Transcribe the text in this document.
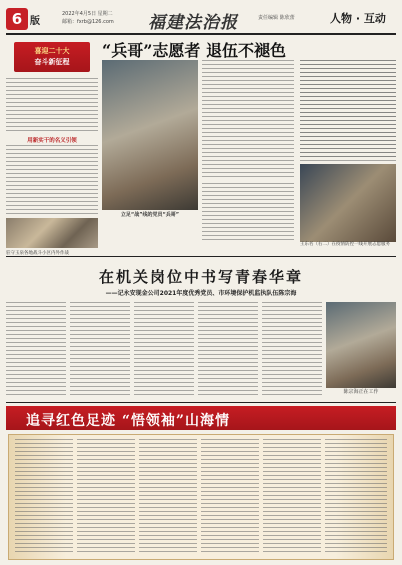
6 版
2022年4月5日 星期二
邮箱：fxrb@126.com 福建法治报	责任编辑 陈欣蕾	人物 · 互动
喜迎二十大
奋斗新征程
用新实干的名义引领
驻守玉泉各地战斗小区内外作战
“兵哥”志愿者 退伍不褪色
立足“战”线的党员“兵哥”
王东名（右二）在疫情防控一线开展志愿服务
在机关岗位中书写青春华章
——记永安现金公司2021年度优秀党员、市环境保护机监执队伍陈宗海
陈宗海正在工作
追寻红色足迹 “悟领袖”山海情
